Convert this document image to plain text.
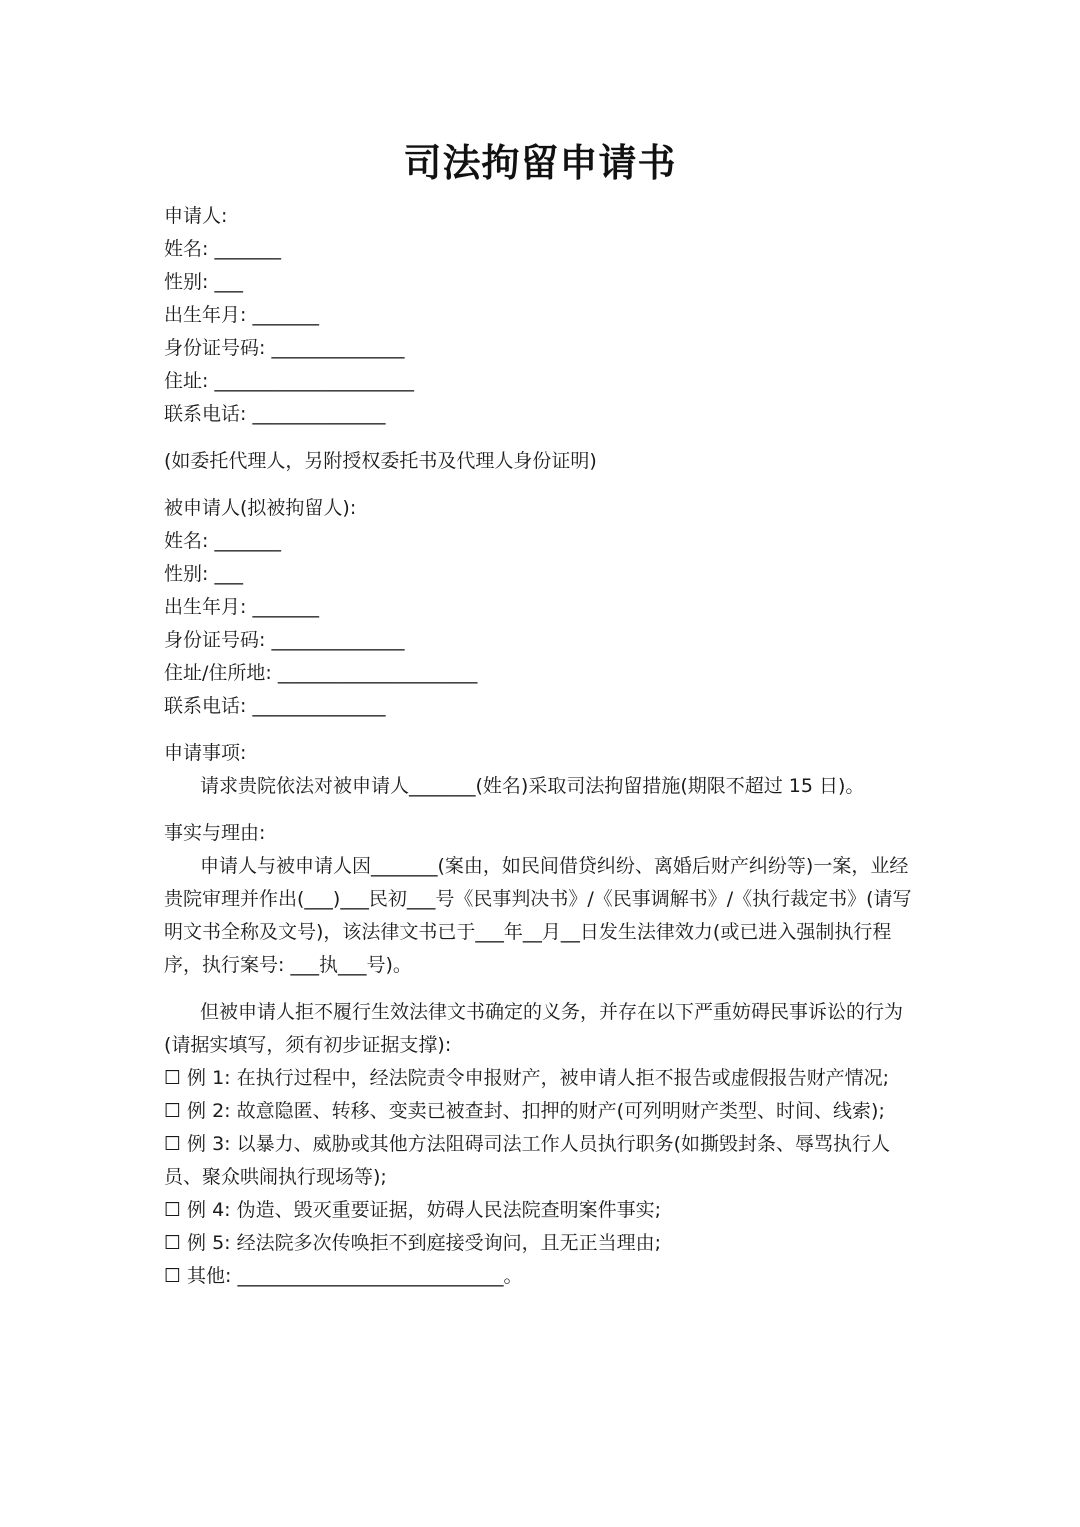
司法拘留申请书
申请人:
姓名: _______
性别: ___
出生年月: _______
身份证号码: ______________
住址: _____________________
联系电话: ______________
(如委托代理人，另附授权委托书及代理人身份证明)
被申请人(拟被拘留人):
姓名: _______
性别: ___
出生年月: _______
身份证号码: ______________
住址/住所地: _____________________
联系电话: ______________
申请事项:
请求贵院依法对被申请人_______(姓名)采取司法拘留措施(期限不超过 15 日)。
事实与理由:
申请人与被申请人因_______(案由，如民间借贷纠纷、离婚后财产纠纷等)一案，业经贵院审理并作出(___)___民初___号《民事判决书》/《民事调解书》/《执行裁定书》(请写明文书全称及文号)，该法律文书已于___年__月__日发生法律效力(或已进入强制执行程序，执行案号: ___执___号)。
但被申请人拒不履行生效法律文书确定的义务，并存在以下严重妨碍民事诉讼的行为(请据实填写，须有初步证据支撑):
☐ 例 1: 在执行过程中，经法院责令申报财产，被申请人拒不报告或虚假报告财产情况;
☐ 例 2: 故意隐匿、转移、变卖已被查封、扣押的财产(可列明财产类型、时间、线索);
☐ 例 3: 以暴力、威胁或其他方法阻碍司法工作人员执行职务(如撕毁封条、辱骂执行人员、聚众哄闹执行现场等);
☐ 例 4: 伪造、毁灭重要证据，妨碍人民法院查明案件事实;
☐ 例 5: 经法院多次传唤拒不到庭接受询问，且无正当理由;
☐ 其他: ____________________________。
